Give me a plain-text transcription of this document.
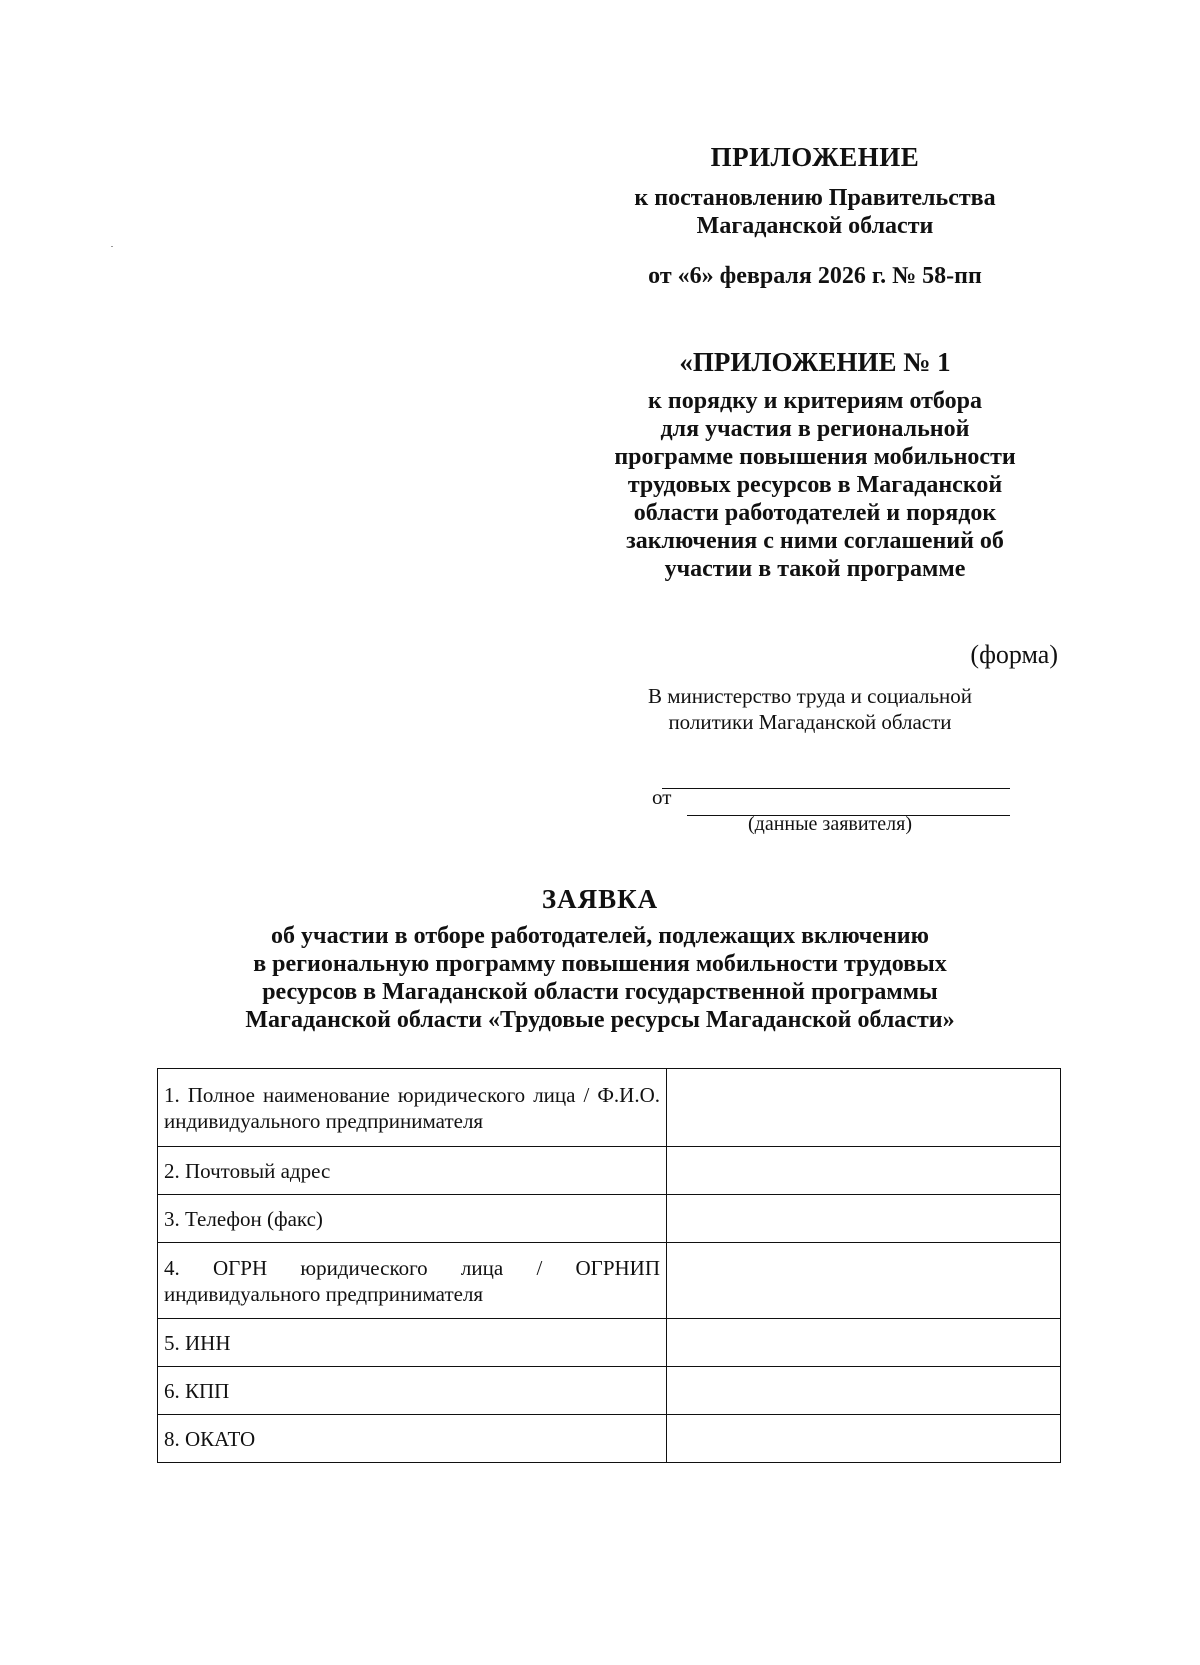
ПРИЛОЖЕНИЕ
к постановлению Правительства
Магаданской области
от «6» февраля 2026 г. № 58-пп
«ПРИЛОЖЕНИЕ № 1
к порядку и критериям отбора
для участия в региональной
программе повышения мобильности
трудовых ресурсов в Магаданской
области работодателей и порядок
заключения с ними соглашений об
участии в такой программе
(форма)
В министерство труда и социальной
политики Магаданской области
от
(данные заявителя)
ЗАЯВКА
об участии в отборе работодателей, подлежащих включению
в региональную программу повышения мобильности трудовых
ресурсов в Магаданской области государственной программы
Магаданской области «Трудовые ресурсы Магаданской области»
1. Полное наименование юридического лица / Ф.И.О. индивидуального предпринимателя	
2. Почтовый адрес	
3. Телефон (факс)	
4. ОГРН юридического лица / ОГРНИП индивидуального предпринимателя	
5. ИНН	
6. КПП	
8. ОКАТО	
